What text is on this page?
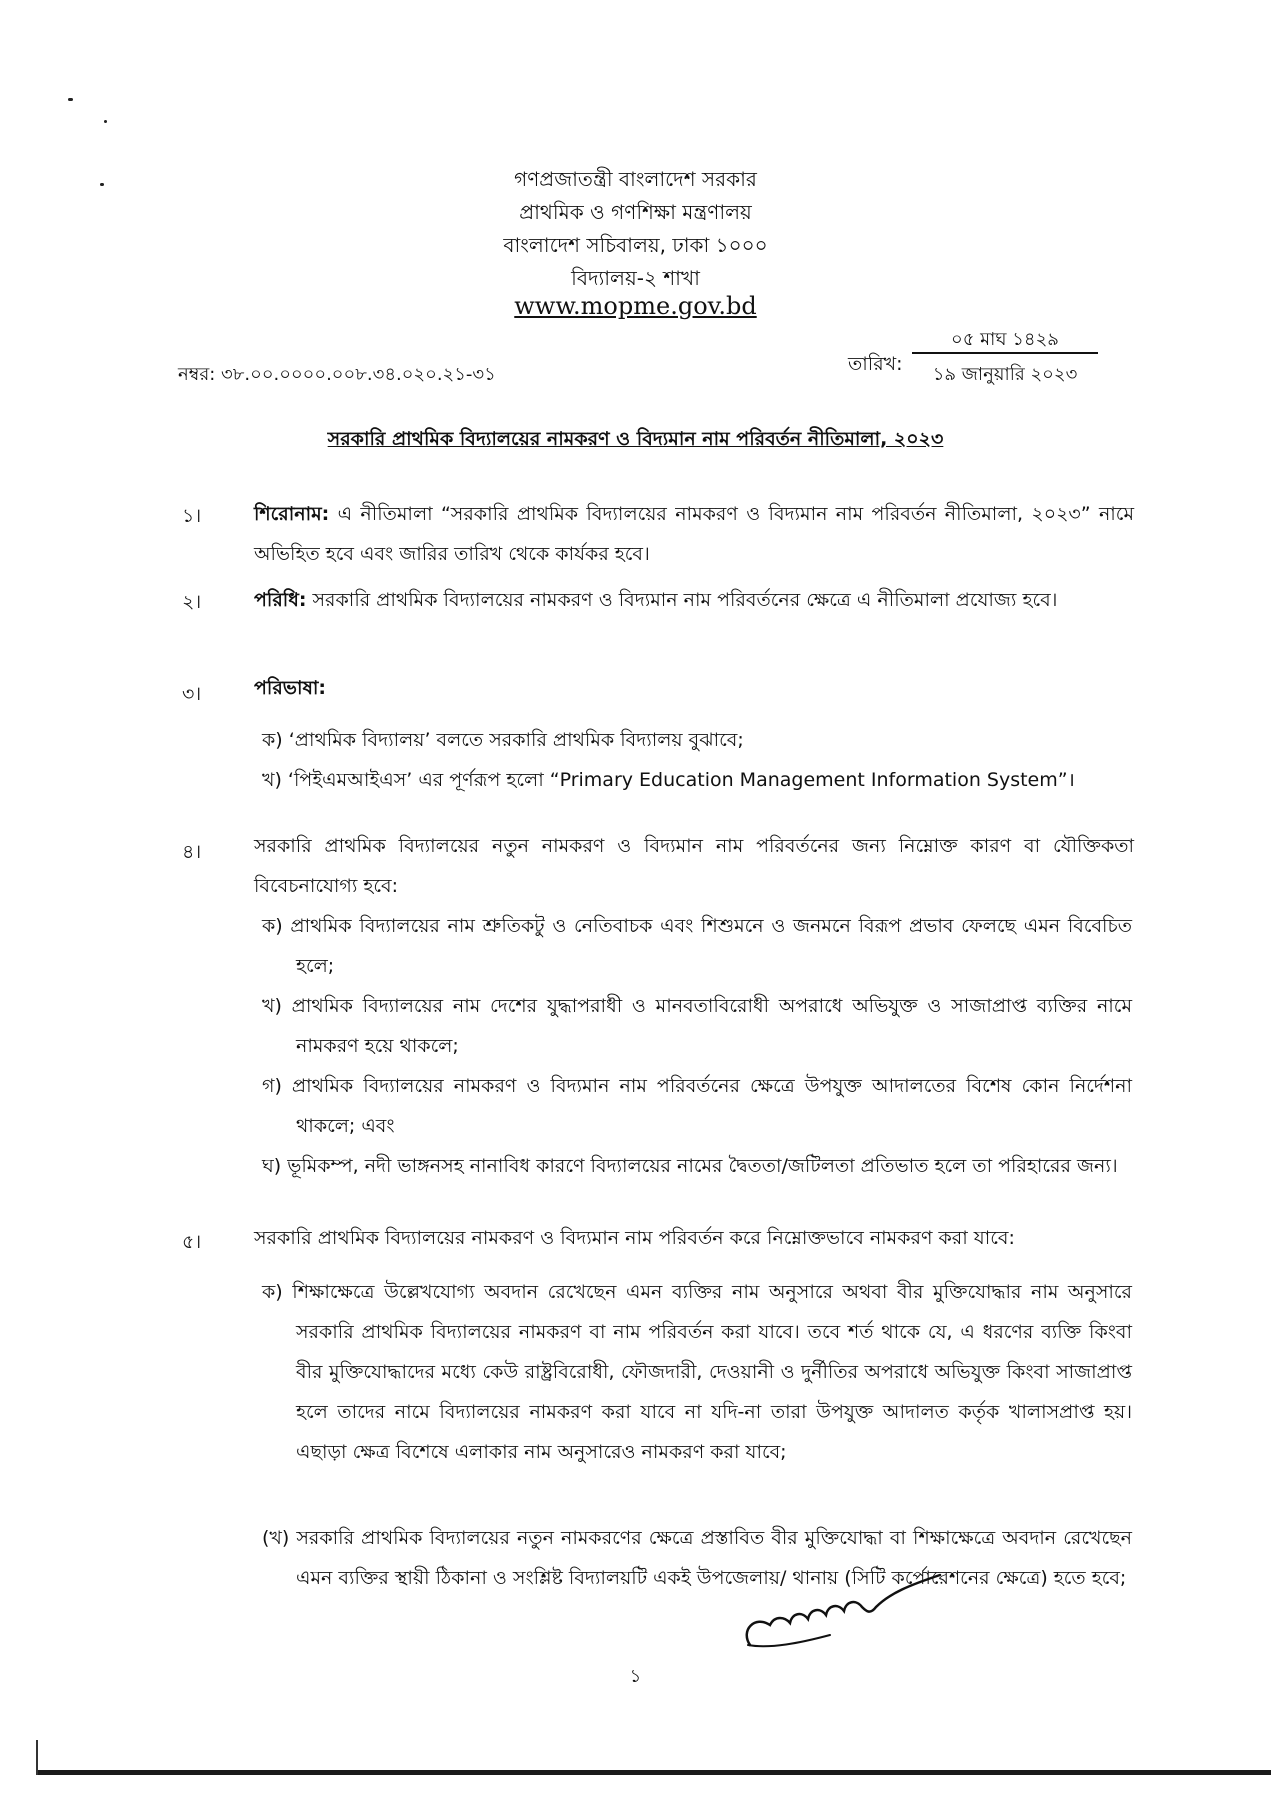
গণপ্রজাতন্ত্রী বাংলাদেশ সরকার
প্রাথমিক ও গণশিক্ষা মন্ত্রণালয়
বাংলাদেশ সচিবালয়, ঢাকা ১০০০
বিদ্যালয়-২ শাখা
www.mopme.gov.bd
নম্বর: ৩৮.০০.০০০০.০০৮.৩৪.০২০.২১-৩১	তারিখ:
০৫ মাঘ ১৪২৯
১৯ জানুয়ারি ২০২৩
সরকারি প্রাথমিক বিদ্যালয়ের নামকরণ ও বিদ্যমান নাম পরিবর্তন নীতিমালা, ২০২৩
১।	শিরোনাম: এ নীতিমালা “সরকারি প্রাথমিক বিদ্যালয়ের নামকরণ ও বিদ্যমান নাম পরিবর্তন নীতিমালা, ২০২৩” নামে অভিহিত হবে এবং জারির তারিখ থেকে কার্যকর হবে।
২।	পরিধি: সরকারি প্রাথমিক বিদ্যালয়ের নামকরণ ও বিদ্যমান নাম পরিবর্তনের ক্ষেত্রে এ নীতিমালা প্রযোজ্য হবে।
৩।	পরিভাষা:
ক) ‘প্রাথমিক বিদ্যালয়’ বলতে সরকারি প্রাথমিক বিদ্যালয় বুঝাবে;
খ) ‘পিইএমআইএস’ এর পূর্ণরূপ হলো “Primary Education Management Information System”।
৪।	সরকারি প্রাথমিক বিদ্যালয়ের নতুন নামকরণ ও বিদ্যমান নাম পরিবর্তনের জন্য নিম্নোক্ত কারণ বা যৌক্তিকতা বিবেচনাযোগ্য হবে:
ক) প্রাথমিক বিদ্যালয়ের নাম শ্রুতিকটু ও নেতিবাচক এবং শিশুমনে ও জনমনে বিরূপ প্রভাব ফেলছে এমন বিবেচিত হলে;
খ) প্রাথমিক বিদ্যালয়ের নাম দেশের যুদ্ধাপরাধী ও মানবতাবিরোধী অপরাধে অভিযুক্ত ও সাজাপ্রাপ্ত ব্যক্তির নামে নামকরণ হয়ে থাকলে;
গ) প্রাথমিক বিদ্যালয়ের নামকরণ ও বিদ্যমান নাম পরিবর্তনের ক্ষেত্রে উপযুক্ত আদালতের বিশেষ কোন নির্দেশনা থাকলে; এবং
ঘ) ভূমিকম্প, নদী ভাঙ্গনসহ নানাবিধ কারণে বিদ্যালয়ের নামের দ্বৈততা/জটিলতা প্রতিভাত হলে তা পরিহারের জন্য।
৫।	সরকারি প্রাথমিক বিদ্যালয়ের নামকরণ ও বিদ্যমান নাম পরিবর্তন করে নিম্নোক্তভাবে নামকরণ করা যাবে:
ক) শিক্ষাক্ষেত্রে উল্লেখযোগ্য অবদান রেখেছেন এমন ব্যক্তির নাম অনুসারে অথবা বীর মুক্তিযোদ্ধার নাম অনুসারে সরকারি প্রাথমিক বিদ্যালয়ের নামকরণ বা নাম পরিবর্তন করা যাবে। তবে শর্ত থাকে যে, এ ধরণের ব্যক্তি কিংবা বীর মুক্তিযোদ্ধাদের মধ্যে কেউ রাষ্ট্রবিরোধী, ফৌজদারী, দেওয়ানী ও দুর্নীতির অপরাধে অভিযুক্ত কিংবা সাজাপ্রাপ্ত হলে তাদের নামে বিদ্যালয়ের নামকরণ করা যাবে না যদি-না তারা উপযুক্ত আদালত কর্তৃক খালাসপ্রাপ্ত হয়। এছাড়া ক্ষেত্র বিশেষে এলাকার নাম অনুসারেও নামকরণ করা যাবে;
(খ) সরকারি প্রাথমিক বিদ্যালয়ের নতুন নামকরণের ক্ষেত্রে প্রস্তাবিত বীর মুক্তিযোদ্ধা বা শিক্ষাক্ষেত্রে অবদান রেখেছেন এমন ব্যক্তির স্থায়ী ঠিকানা ও সংশ্লিষ্ট বিদ্যালয়টি একই উপজেলায়/ থানায় (সিটি কর্পোরেশনের ক্ষেত্রে) হতে হবে;
১
